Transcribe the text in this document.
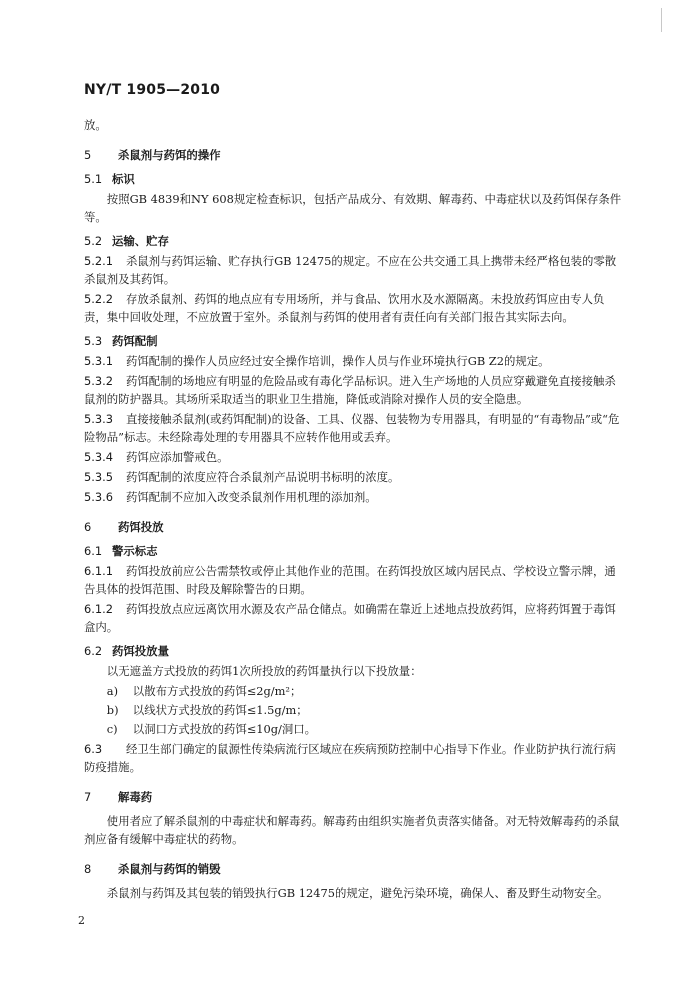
NY/T 1905—2010

放。

5 杀鼠剂与药饵的操作

5.1 标识

按照GB 4839和NY 608规定检查标识，包括产品成分、有效期、解毒药、中毒症状以及药饵保存条件等。

5.2 运输、贮存

5.2.1 杀鼠剂与药饵运输、贮存执行GB 12475的规定。不应在公共交通工具上携带未经严格包装的零散杀鼠剂及其药饵。

5.2.2 存放杀鼠剂、药饵的地点应有专用场所，并与食品、饮用水及水源隔离。未投放药饵应由专人负责，集中回收处理，不应放置于室外。杀鼠剂与药饵的使用者有责任向有关部门报告其实际去向。

5.3 药饵配制

5.3.1 药饵配制的操作人员应经过安全操作培训，操作人员与作业环境执行GB Z2的规定。

5.3.2 药饵配制的场地应有明显的危险品或有毒化学品标识。进入生产场地的人员应穿戴避免直接接触杀鼠剂的防护器具。其场所采取适当的职业卫生措施，降低或消除对操作人员的安全隐患。

5.3.3 直接接触杀鼠剂(或药饵配制)的设备、工具、仪器、包装物为专用器具，有明显的“有毒物品”或“危险物品”标志。未经除毒处理的专用器具不应转作他用或丢弃。

5.3.4 药饵应添加警戒色。

5.3.5 药饵配制的浓度应符合杀鼠剂产品说明书标明的浓度。

5.3.6 药饵配制不应加入改变杀鼠剂作用机理的添加剂。

6 药饵投放

6.1 警示标志

6.1.1 药饵投放前应公告需禁牧或停止其他作业的范围。在药饵投放区域内居民点、学校设立警示牌，通告具体的投饵范围、时段及解除警告的日期。

6.1.2 药饵投放点应远离饮用水源及农产品仓储点。如确需在靠近上述地点投放药饵，应将药饵置于毒饵盒内。

6.2 药饵投放量

以无遮盖方式投放的药饵1次所投放的药饵量执行以下投放量：

a) 以散布方式投放的药饵≤2g/m²；

b) 以线状方式投放的药饵≤1.5g/m；

c) 以洞口方式投放的药饵≤10g/洞口。

6.3 经卫生部门确定的鼠源性传染病流行区域应在疾病预防控制中心指导下作业。作业防护执行流行病防疫措施。

7 解毒药

使用者应了解杀鼠剂的中毒症状和解毒药。解毒药由组织实施者负责落实储备。对无特效解毒药的杀鼠剂应备有缓解中毒症状的药物。

8 杀鼠剂与药饵的销毁

杀鼠剂与药饵及其包装的销毁执行GB 12475的规定，避免污染环境，确保人、畜及野生动物安全。

2
